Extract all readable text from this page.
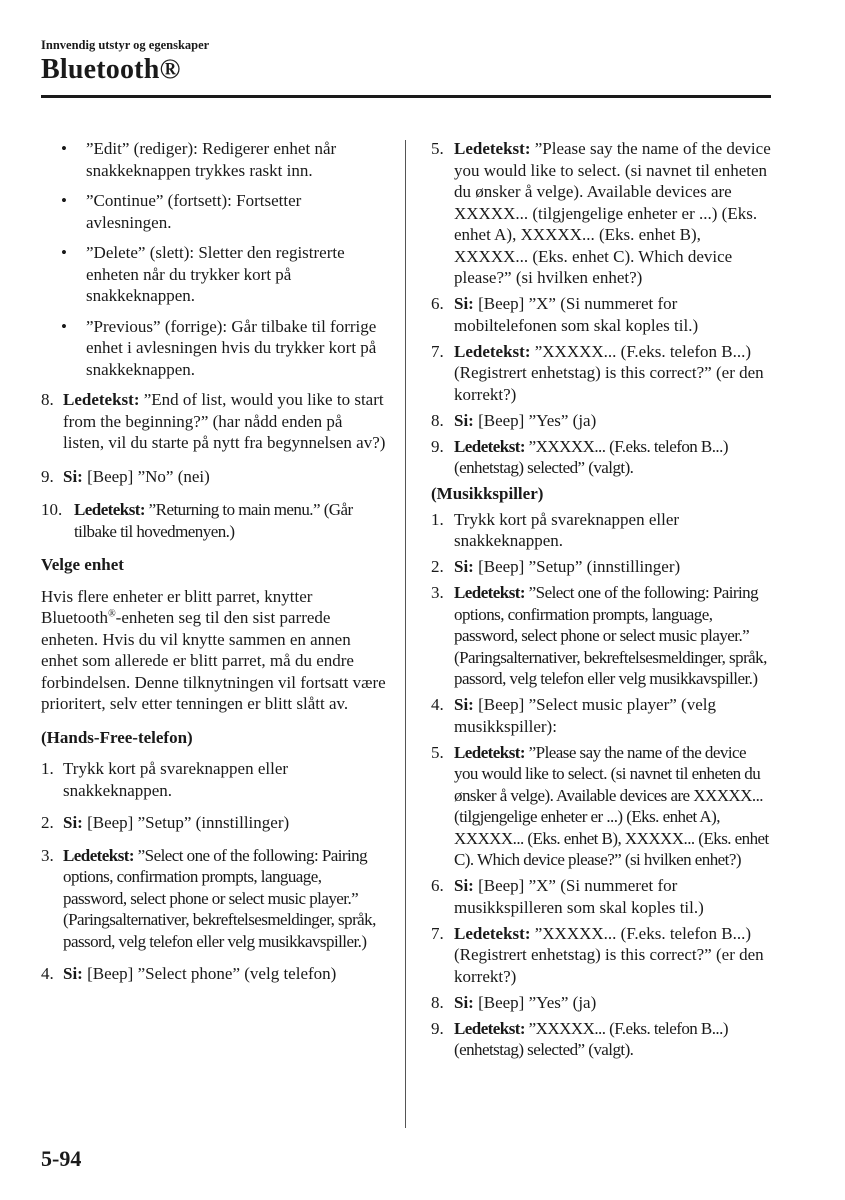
Innvendig utstyr og egenskaper
Bluetooth®
•	”Edit” (rediger): Redigerer enhet når snakkeknappen trykkes raskt inn.
•	”Continue” (fortsett): Fortsetter avlesningen.
•	”Delete” (slett): Sletter den registrerte enheten når du trykker kort på snakkeknappen.
•	”Previous” (forrige): Går tilbake til forrige enhet i avlesningen hvis du trykker kort på snakkeknappen.
8. Ledetekst: ”End of list, would you like to start from the beginning?” (har nådd enden på listen, vil du starte på nytt fra begynnelsen av?)
9. Si: [Beep] ”No” (nei)
10. Ledetekst: ”Returning to main menu.” (Går tilbake til hovedmenyen.)
Velge enhet
Hvis flere enheter er blitt parret, knytter Bluetooth®-enheten seg til den sist parrede enheten. Hvis du vil knytte sammen en annen enhet som allerede er blitt parret, må du endre forbindelsen. Denne tilknytningen vil fortsatt være prioritert, selv etter tenningen er blitt slått av.
(Hands-Free-telefon)
1. Trykk kort på svareknappen eller snakkeknappen.
2. Si: [Beep] ”Setup” (innstillinger)
3. Ledetekst: ”Select one of the following: Pairing options, confirmation prompts, language, password, select phone or select music player.” (Paringsalternativer, bekreftelsesmeldinger, språk, passord, velg telefon eller velg musikkavspiller.)
4. Si: [Beep] ”Select phone” (velg telefon)
5. Ledetekst: ”Please say the name of the device you would like to select. (si navnet til enheten du ønsker å velge). Available devices are XXXXX... (tilgjengelige enheter er ...) (Eks. enhet A), XXXXX... (Eks. enhet B), XXXXX... (Eks. enhet C). Which device please?” (si hvilken enhet?)
6. Si: [Beep] ”X” (Si nummeret for mobiltelefonen som skal koples til.)
7. Ledetekst: ”XXXXX... (F.eks. telefon B...) (Registrert enhetstag) is this correct?” (er den korrekt?)
8. Si: [Beep] ”Yes” (ja)
9. Ledetekst: ”XXXXX... (F.eks. telefon B...) (enhetstag) selected” (valgt).
(Musikkspiller)
1. Trykk kort på svareknappen eller snakkeknappen.
2. Si: [Beep] ”Setup” (innstillinger)
3. Ledetekst: ”Select one of the following: Pairing options, confirmation prompts, language, password, select phone or select music player.” (Paringsalternativer, bekreftelsesmeldinger, språk, passord, velg telefon eller velg musikkavspiller.)
4. Si: [Beep] ”Select music player” (velg musikkspiller):
5. Ledetekst: ”Please say the name of the device you would like to select. (si navnet til enheten du ønsker å velge). Available devices are XXXXX... (tilgjengelige enheter er ...) (Eks. enhet A), XXXXX... (Eks. enhet B), XXXXX... (Eks. enhet C). Which device please?” (si hvilken enhet?)
6. Si: [Beep] ”X” (Si nummeret for musikkspilleren som skal koples til.)
7. Ledetekst: ”XXXXX... (F.eks. telefon B...) (Registrert enhetstag) is this correct?” (er den korrekt?)
8. Si: [Beep] ”Yes” (ja)
9. Ledetekst: ”XXXXX... (F.eks. telefon B...) (enhetstag) selected” (valgt).
5-94
